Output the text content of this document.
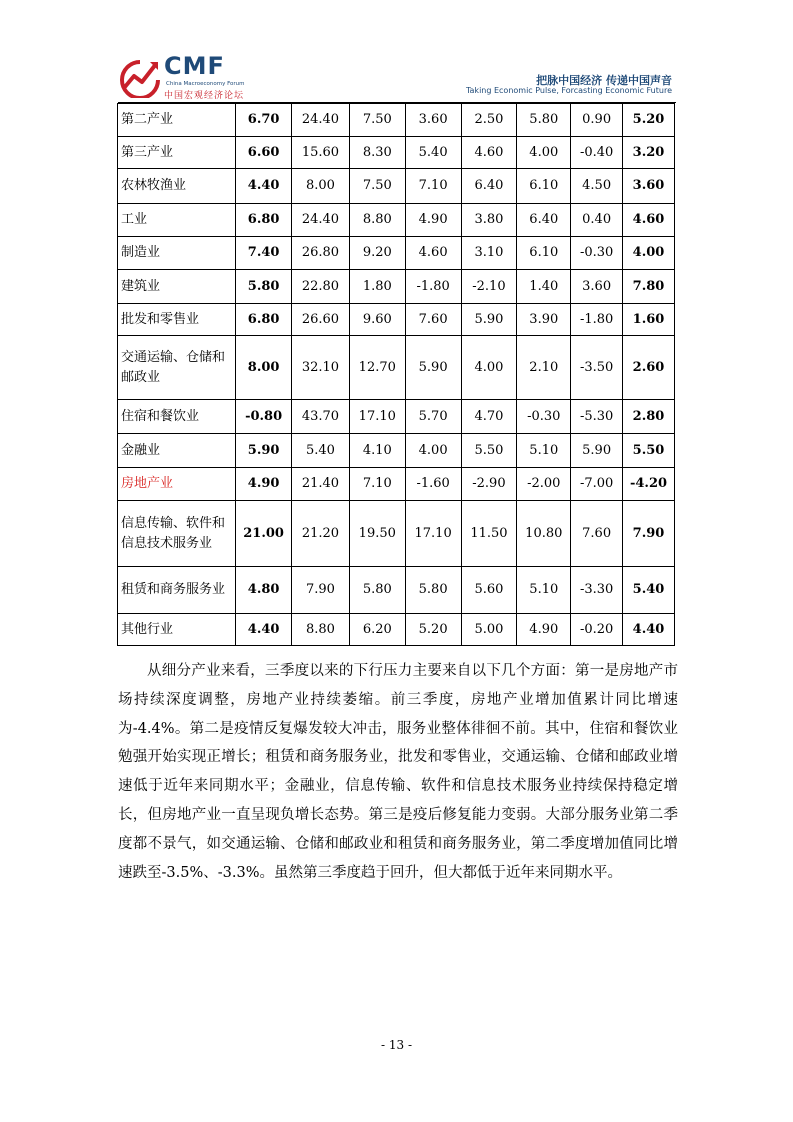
CMF
China Macroeconomy Forum
中国宏观经济论坛
把脉中国经济 传递中国声音
Taking Economic Pulse, Forcasting Economic Future
第二产业	6.70	24.40	7.50	3.60	2.50	5.80	0.90	5.20
第三产业	6.60	15.60	8.30	5.40	4.60	4.00	-0.40	3.20
农林牧渔业	4.40	8.00	7.50	7.10	6.40	6.10	4.50	3.60
工业	6.80	24.40	8.80	4.90	3.80	6.40	0.40	4.60
制造业	7.40	26.80	9.20	4.60	3.10	6.10	-0.30	4.00
建筑业	5.80	22.80	1.80	-1.80	-2.10	1.40	3.60	7.80
批发和零售业	6.80	26.60	9.60	7.60	5.90	3.90	-1.80	1.60
交通运输、仓储和邮政业	8.00	32.10	12.70	5.90	4.00	2.10	-3.50	2.60
住宿和餐饮业	-0.80	43.70	17.10	5.70	4.70	-0.30	-5.30	2.80
金融业	5.90	5.40	4.10	4.00	5.50	5.10	5.90	5.50
房地产业	4.90	21.40	7.10	-1.60	-2.90	-2.00	-7.00	-4.20
信息传输、软件和信息技术服务业	21.00	21.20	19.50	17.10	11.50	10.80	7.60	7.90
租赁和商务服务业	4.80	7.90	5.80	5.80	5.60	5.10	-3.30	5.40
其他行业	4.40	8.80	6.20	5.20	5.00	4.90	-0.20	4.40

从细分产业来看，三季度以来的下行压力主要来自以下几个方面：第一是房地产市场持续深度调整，房地产业持续萎缩。前三季度，房地产业增加值累计同比增速为-4.4%。第二是疫情反复爆发较大冲击，服务业整体徘徊不前。其中，住宿和餐饮业勉强开始实现正增长；租赁和商务服务业，批发和零售业，交通运输、仓储和邮政业增速低于近年来同期水平；金融业，信息传输、软件和信息技术服务业持续保持稳定增长，但房地产业一直呈现负增长态势。第三是疫后修复能力变弱。大部分服务业第二季度都不景气，如交通运输、仓储和邮政业和租赁和商务服务业，第二季度增加值同比增速跌至-3.5%、-3.3%。虽然第三季度趋于回升，但大都低于近年来同期水平。

- 13 -
